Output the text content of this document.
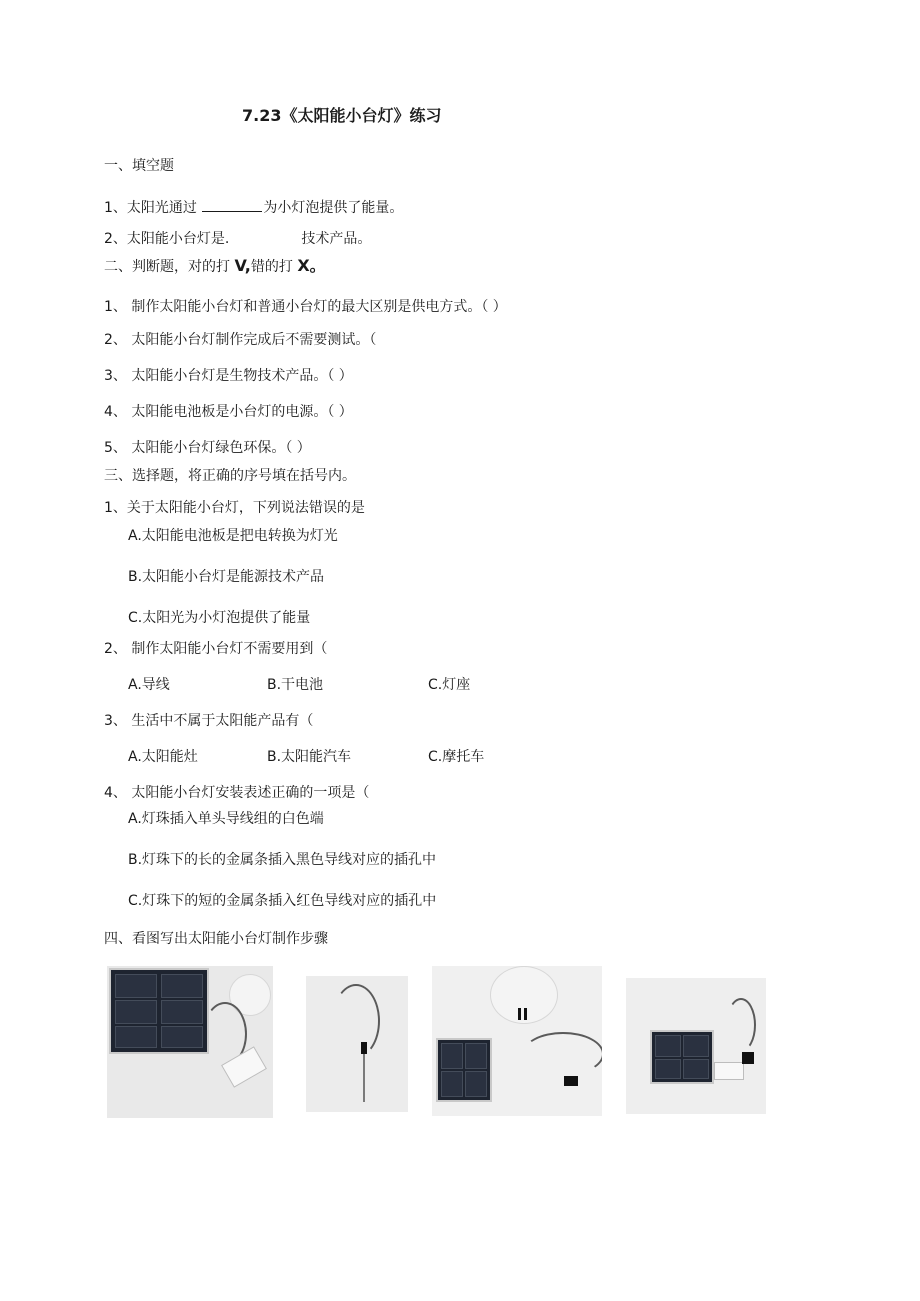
7.23《太阳能小台灯》练习
一、填空题
1、太阳光通过	为小灯泡提供了能量。
2、太阳能小台灯是.	技术产品。
二、判断题，对的打 V,错的打 X。
1、 制作太阳能小台灯和普通小台灯的最大区别是供电方式。（ ）
2、 太阳能小台灯制作完成后不需要测试。（
3、 太阳能小台灯是生物技术产品。（ ）
4、 太阳能电池板是小台灯的电源。（ ）
5、 太阳能小台灯绿色环保。（ ）
三、选择题，将正确的序号填在括号内。
1、关于太阳能小台灯，下列说法错误的是
A.太阳能电池板是把电转换为灯光
B.太阳能小台灯是能源技术产品
C.太阳光为小灯泡提供了能量
2、 制作太阳能小台灯不需要用到（
A.导线	B.干电池	C.灯座
3、 生活中不属于太阳能产品有（
A.太阳能灶	B.太阳能汽车	C.摩托车
4、 太阳能小台灯安装表述正确的一项是（
A.灯珠插入单头导线组的白色端
B.灯珠下的长的金属条插入黑色导线对应的插孔中
C.灯珠下的短的金属条插入红色导线对应的插孔中
四、看图写出太阳能小台灯制作步骤
